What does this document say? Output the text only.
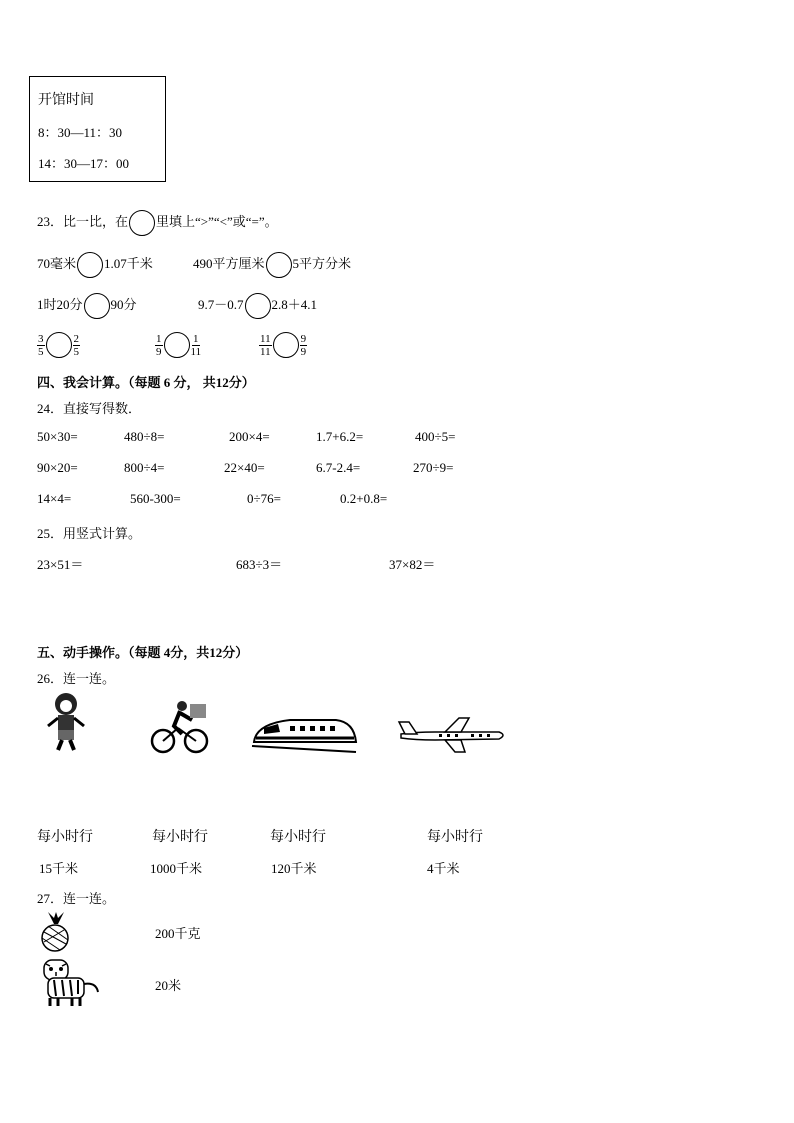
开馆时间
8：30—11：30
14：30—17：00
23．比一比，在 里填上“>”“<”或“=”。
70毫米 1.07千米	490平方厘米 5平方分米
1时20分 90分	9.7－0.7 2.8＋4.1
$\frac{3}{5}$	$\frac{2}{5}$	$\frac{1}{9}$	$\frac{1}{11}$	$\frac{11}{11}$	$\frac{9}{9}$
四、我会计算。（每题 6 分， 共12分）
24．直接写得数．
50×30=	480÷8=	200×4=	1.7+6.2=	400÷5=
90×20=	800÷4=	22×40=	6.7-2.4=	270÷9=
14×4=	560-300=	0÷76=	0.2+0.8=
25．用竖式计算。
23×51＝	683÷3＝	37×82＝
五、动手操作。（每题 4分，共12分）
26．连一连。
每小时行	每小时行	每小时行	每小时行
15千米	1000千米	120千米	4千米
27．连一连。
200千克
20米
